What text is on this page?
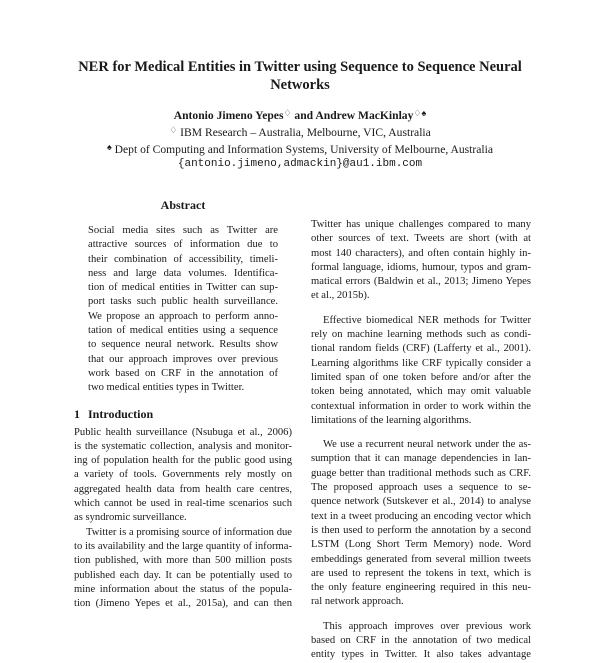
NER for Medical Entities in Twitter using Sequence to Sequence Neural
Networks
Antonio Jimeno Yepes♢ and Andrew MacKinlay♢♠
♢ IBM Research – Australia, Melbourne, VIC, Australia
♠ Dept of Computing and Information Systems, University of Melbourne, Australia
{antonio.jimeno,admackin}@au1.ibm.com
Abstract
Social media sites such as Twitter are
attractive sources of information due to
their combination of accessibility, timeli-
ness and large data volumes. Identifica-
tion of medical entities in Twitter can sup-
port tasks such public health surveillance.
We propose an approach to perform anno-
tation of medical entities using a sequence
to sequence neural network. Results show
that our approach improves over previous
work based on CRF in the annotation of
two medical entities types in Twitter.
1 Introduction
Public health surveillance (Nsubuga et al., 2006)
is the systematic collection, analysis and monitor-
ing of population health for the public good using
a variety of tools. Governments rely mostly on
aggregated health data from health care centres,
which cannot be used in real-time scenarios such
as syndromic surveillance.
Twitter is a promising source of information due
to its availability and the large quantity of informa-
tion published, with more than 500 million posts
published each day. It can be potentially used to
mine information about the status of the popula-
tion (Jimeno Yepes et al., 2015a), and can then
Twitter has unique challenges compared to many
other sources of text. Tweets are short (with at
most 140 characters), and often contain highly in-
formal language, idioms, humour, typos and gram-
matical errors (Baldwin et al., 2013; Jimeno Yepes
et al., 2015b).
Effective biomedical NER methods for Twitter
rely on machine learning methods such as condi-
tional random fields (CRF) (Lafferty et al., 2001).
Learning algorithms like CRF typically consider a
limited span of one token before and/or after the
token being annotated, which may omit valuable
contextual information in order to work within the
limitations of the learning algorithms.
We use a recurrent neural network under the as-
sumption that it can manage dependencies in lan-
guage better than traditional methods such as CRF.
The proposed approach uses a sequence to se-
quence network (Sutskever et al., 2014) to analyse
text in a tweet producing an encoding vector which
is then used to perform the annotation by a second
LSTM (Long Short Term Memory) node. Word
embeddings generated from several million tweets
are used to represent the tokens in text, which is
the only feature engineering required in this neu-
ral network approach.
This approach improves over previous work
based on CRF in the annotation of two medical
entity types in Twitter. It also takes advantage
